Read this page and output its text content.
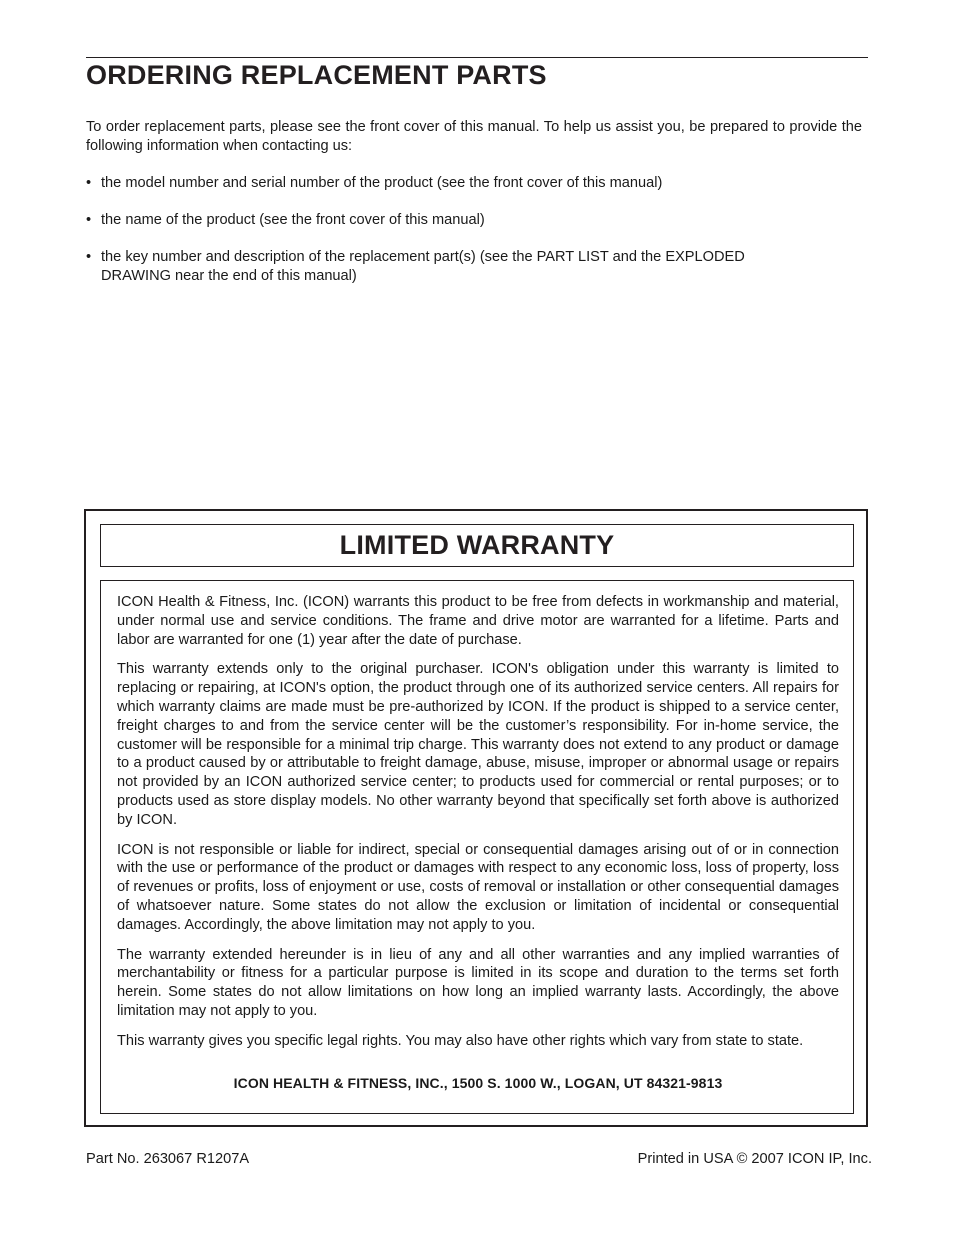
ORDERING REPLACEMENT PARTS

To order replacement parts, please see the front cover of this manual. To help us assist you, be prepared to provide the following information when contacting us:

• the model number and serial number of the product (see the front cover of this manual)
• the name of the product (see the front cover of this manual)
• the key number and description of the replacement part(s) (see the PART LIST and the EXPLODED DRAWING near the end of this manual)
LIMITED WARRANTY

ICON Health & Fitness, Inc. (ICON) warrants this product to be free from defects in workmanship and material, under normal use and service conditions. The frame and drive motor are warranted for a lifetime. Parts and labor are warranted for one (1) year after the date of purchase.

This warranty extends only to the original purchaser. ICON's obligation under this warranty is limited to replacing or repairing, at ICON's option, the product through one of its authorized service centers. All repairs for which warranty claims are made must be pre-authorized by ICON. If the product is shipped to a service center, freight charges to and from the service center will be the customer’s responsibility. For in-home service, the customer will be responsible for a minimal trip charge. This warranty does not extend to any product or damage to a product caused by or attributable to freight damage, abuse, misuse, improper or abnormal usage or repairs not provided by an ICON authorized service center; to products used for commercial or rental purposes; or to products used as store display models. No other warranty beyond that specifically set forth above is authorized by ICON.

ICON is not responsible or liable for indirect, special or consequential damages arising out of or in connection with the use or performance of the product or damages with respect to any economic loss, loss of property, loss of revenues or profits, loss of enjoyment or use, costs of removal or installation or other consequential damages of whatsoever nature. Some states do not allow the exclusion or limitation of incidental or consequential damages. Accordingly, the above limitation may not apply to you.

The warranty extended hereunder is in lieu of any and all other warranties and any implied warranties of merchantability or fitness for a particular purpose is limited in its scope and duration to the terms set forth herein. Some states do not allow limitations on how long an implied warranty lasts. Accordingly, the above limitation may not apply to you.

This warranty gives you specific legal rights. You may also have other rights which vary from state to state.

ICON HEALTH & FITNESS, INC., 1500 S. 1000 W., LOGAN, UT 84321-9813

Part No. 263067 R1207A	Printed in USA © 2007 ICON IP, Inc.
